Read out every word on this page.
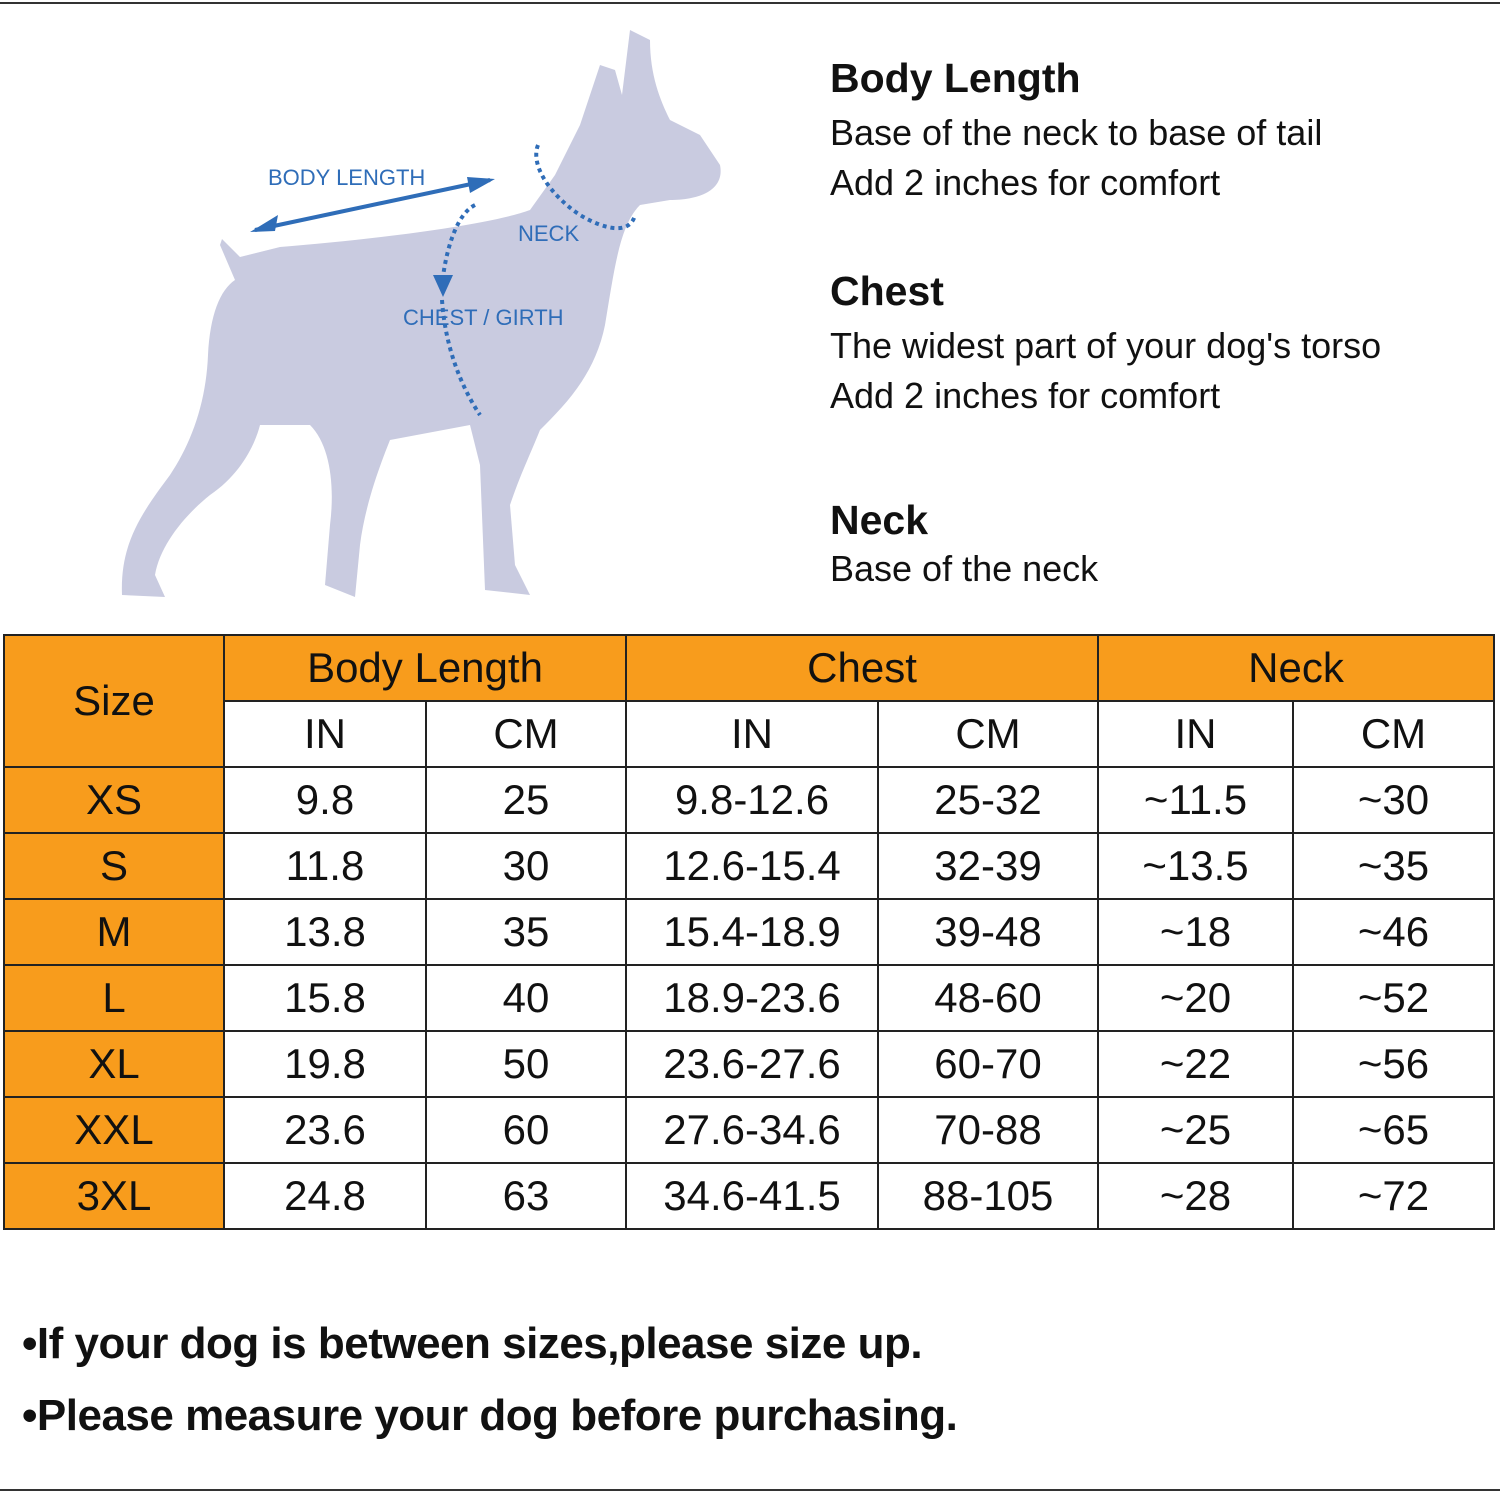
BODY LENGTH
NECK
CHEST / GIRTH
Body Length

Base of the neck to base of tail

Add 2 inches for comfort

Chest

The widest part of your dog's torso

Add 2 inches for comfort

Neck

Base of the neck

Size	Body Length		Chest		Neck	
	IN	CM	IN	CM	IN	CM
XS	9.8	25	9.8-12.6	25-32	~11.5	~30
S	11.8	30	12.6-15.4	32-39	~13.5	~35
M	13.8	35	15.4-18.9	39-48	~18	~46
L	15.8	40	18.9-23.6	48-60	~20	~52
XL	19.8	50	23.6-27.6	60-70	~22	~56
XXL	23.6	60	27.6-34.6	70-88	~25	~65
3XL	24.8	63	34.6-41.5	88-105	~28	~72
•If your dog is between sizes,please size up.
•Please measure your dog before purchasing.
